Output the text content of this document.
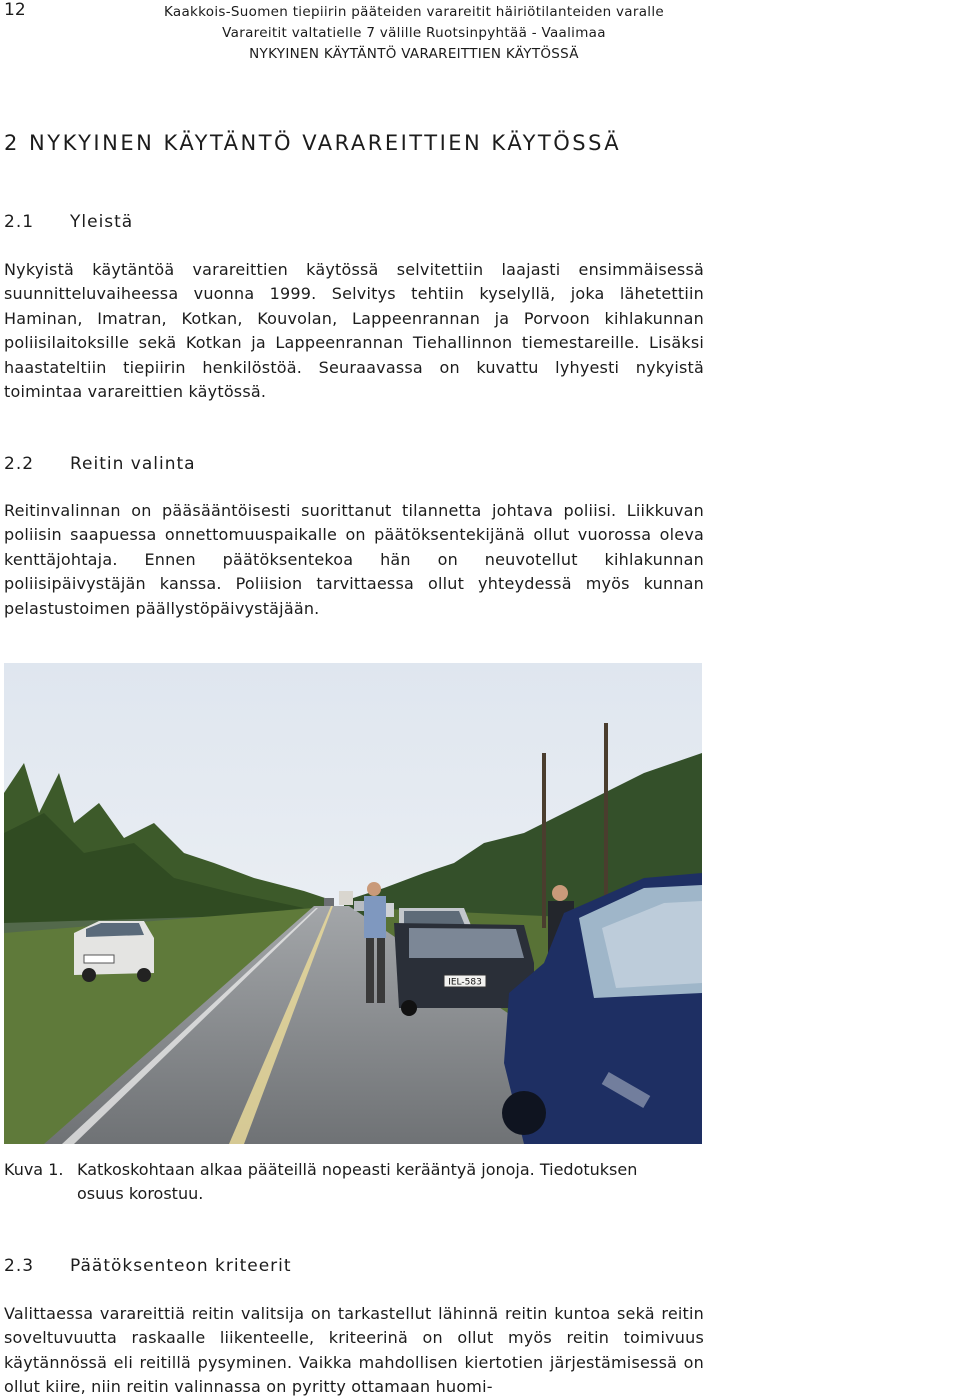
12	Kaakkois-Suomen tiepiirin pääteiden varareitit häiriötilanteiden varalle
Varareitit valtatielle 7 välille Ruotsinpyhtää - Vaalimaa
NYKYINEN KÄYTÄNTÖ VARAREITTIEN KÄYTÖSSÄ
2 NYKYINEN KÄYTÄNTÖ VARAREITTIEN KÄYTÖSSÄ
2.1 Yleistä

Nykyistä käytäntöä varareittien käytössä selvitettiin laajasti ensimmäisessä suunnitteluvaiheessa vuonna 1999. Selvitys tehtiin kyselyllä, joka lähetettiin Haminan, Imatran, Kotkan, Kouvolan, Lappeenrannan ja Porvoon kihlakunnan poliisilaitoksille sekä Kotkan ja Lappeenrannan Tiehallinnon tiemestareille. Lisäksi haastateltiin tiepiirin henkilöstöä. Seuraavassa on kuvattu lyhyesti nykyistä toimintaa varareittien käytössä.

2.2 Reitin valinta

Reitinvalinnan on pääsääntöisesti suorittanut tilannetta johtava poliisi. Liikkuvan poliisin saapuessa onnettomuuspaikalle on päätöksentekijänä ollut vuorossa oleva kenttäjohtaja. Ennen päätöksentekoa hän on neuvotellut kihlakunnan poliisipäivystäjän kanssa. Poliision tarvittaessa ollut yhteydessä myös kunnan pelastustoimen päällystöpäivystäjään.

IEL-583

Kuva 1. Katkoskohtaan alkaa pääteillä nopeasti kerääntyä jonoja. Tiedotuksen
osuus korostuu.

2.3 Päätöksenteon kriteerit

Valittaessa varareittiä reitin valitsija on tarkastellut lähinnä reitin kuntoa sekä reitin soveltuvuutta raskaalle liikenteelle, kriteerinä on ollut myös reitin toimivuus käytännössä eli reitillä pysyminen. Vaikka mahdollisen kiertotien järjestämisessä on ollut kiire, niin reitin valinnassa on pyritty ottamaan huomi-
